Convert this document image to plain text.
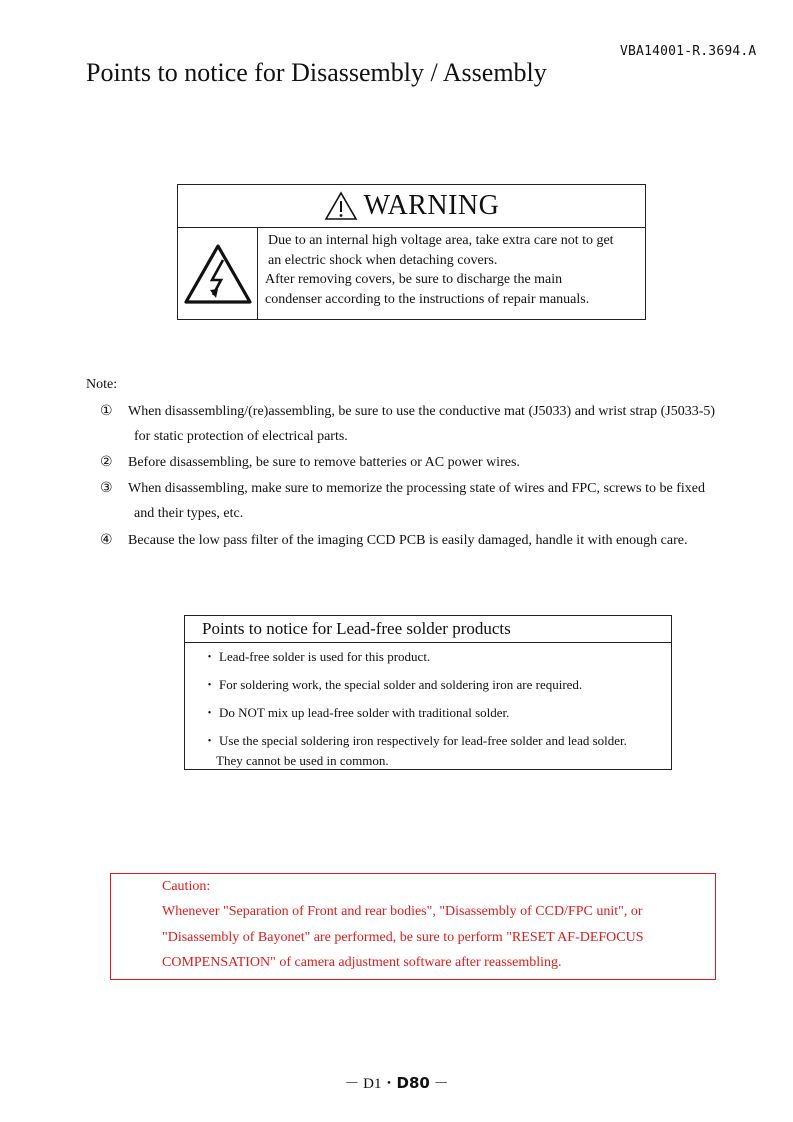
VBA14001-R.3694.A
Points to notice for Disassembly / Assembly
WARNING
Due to an internal high voltage area, take extra care not to get
an electric shock when detaching covers.
After removing covers, be sure to discharge the main
condenser according to the instructions of repair manuals.
Note:
① When disassembling/(re)assembling, be sure to use the conductive mat (J5033) and wrist strap (J5033-5)
for static protection of electrical parts.
② Before disassembling, be sure to remove batteries or AC power wires.
③ When disassembling, make sure to memorize the processing state of wires and FPC, screws to be fixed
and their types, etc.
④ Because the low pass filter of the imaging CCD PCB is easily damaged, handle it with enough care.
Points to notice for Lead-free solder products
・ Lead-free solder is used for this product.
・ For soldering work, the special solder and soldering iron are required.
・ Do NOT mix up lead-free solder with traditional solder.
・ Use the special soldering iron respectively for lead-free solder and lead solder.
They cannot be used in common.
Caution:
Whenever "Separation of Front and rear bodies", "Disassembly of CCD/FPC unit", or
"Disassembly of Bayonet" are performed, be sure to perform "RESET AF-DEFOCUS
COMPENSATION" of camera adjustment software after reassembling.
－ D1・D80 －
